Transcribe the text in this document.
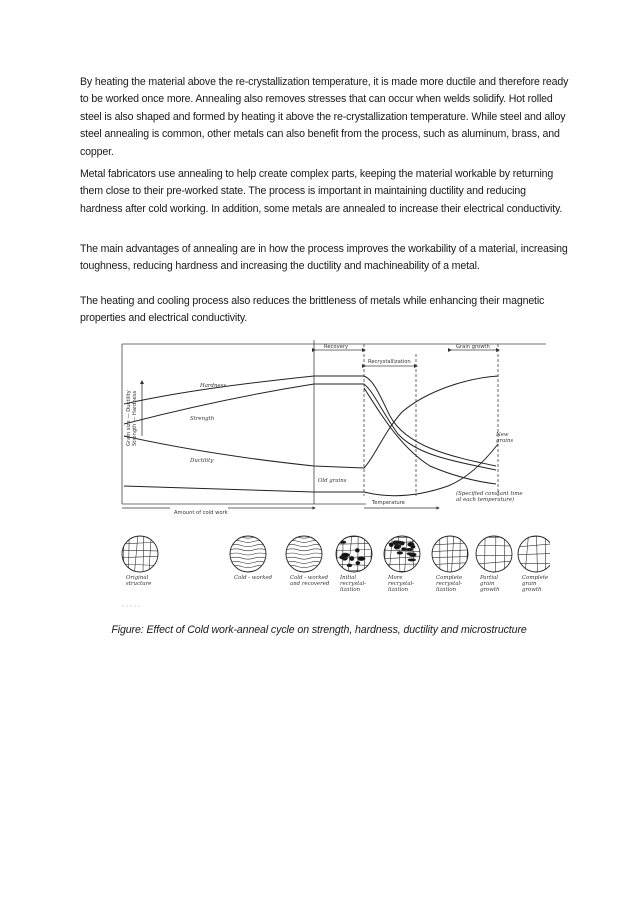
By heating the material above the re-crystallization temperature, it is made more ductile and therefore ready to be worked once more. Annealing also removes stresses that can occur when welds solidify. Hot rolled steel is also shaped and formed by heating it above the re-crystallization temperature. While steel and alloy steel annealing is common, other metals can also benefit from the process, such as aluminum, brass, and copper.

Metal fabricators use annealing to help create complex parts, keeping the material workable by returning them close to their pre-worked state. The process is important in maintaining ductility and reducing hardness after cold working. In addition, some metals are annealed to increase their electrical conductivity.

The main advantages of annealing are in how the process improves the workability of a material, increasing toughness, reducing hardness and increasing the ductility and machineability of a metal.

The heating and cooling process also reduces the brittleness of metals while enhancing their magnetic properties and electrical conductivity.

Recovery
Recrystallization
Grain growth
Grain size — Ductility Strength — Hardness
Hardness
Strength
Ductility
New grains
Old grains
(Specified constant time at each temperature)
Amount of cold work
Temperature
Original structure
Cold - worked	Cold - worked and recovered
Initial recrystal-lization
More recrystal-lization
Complete recrystal-lization
Partial grain growth
Complete grain growth

Figure: Effect of Cold work-anneal cycle on strength, hardness, ductility and microstructure
